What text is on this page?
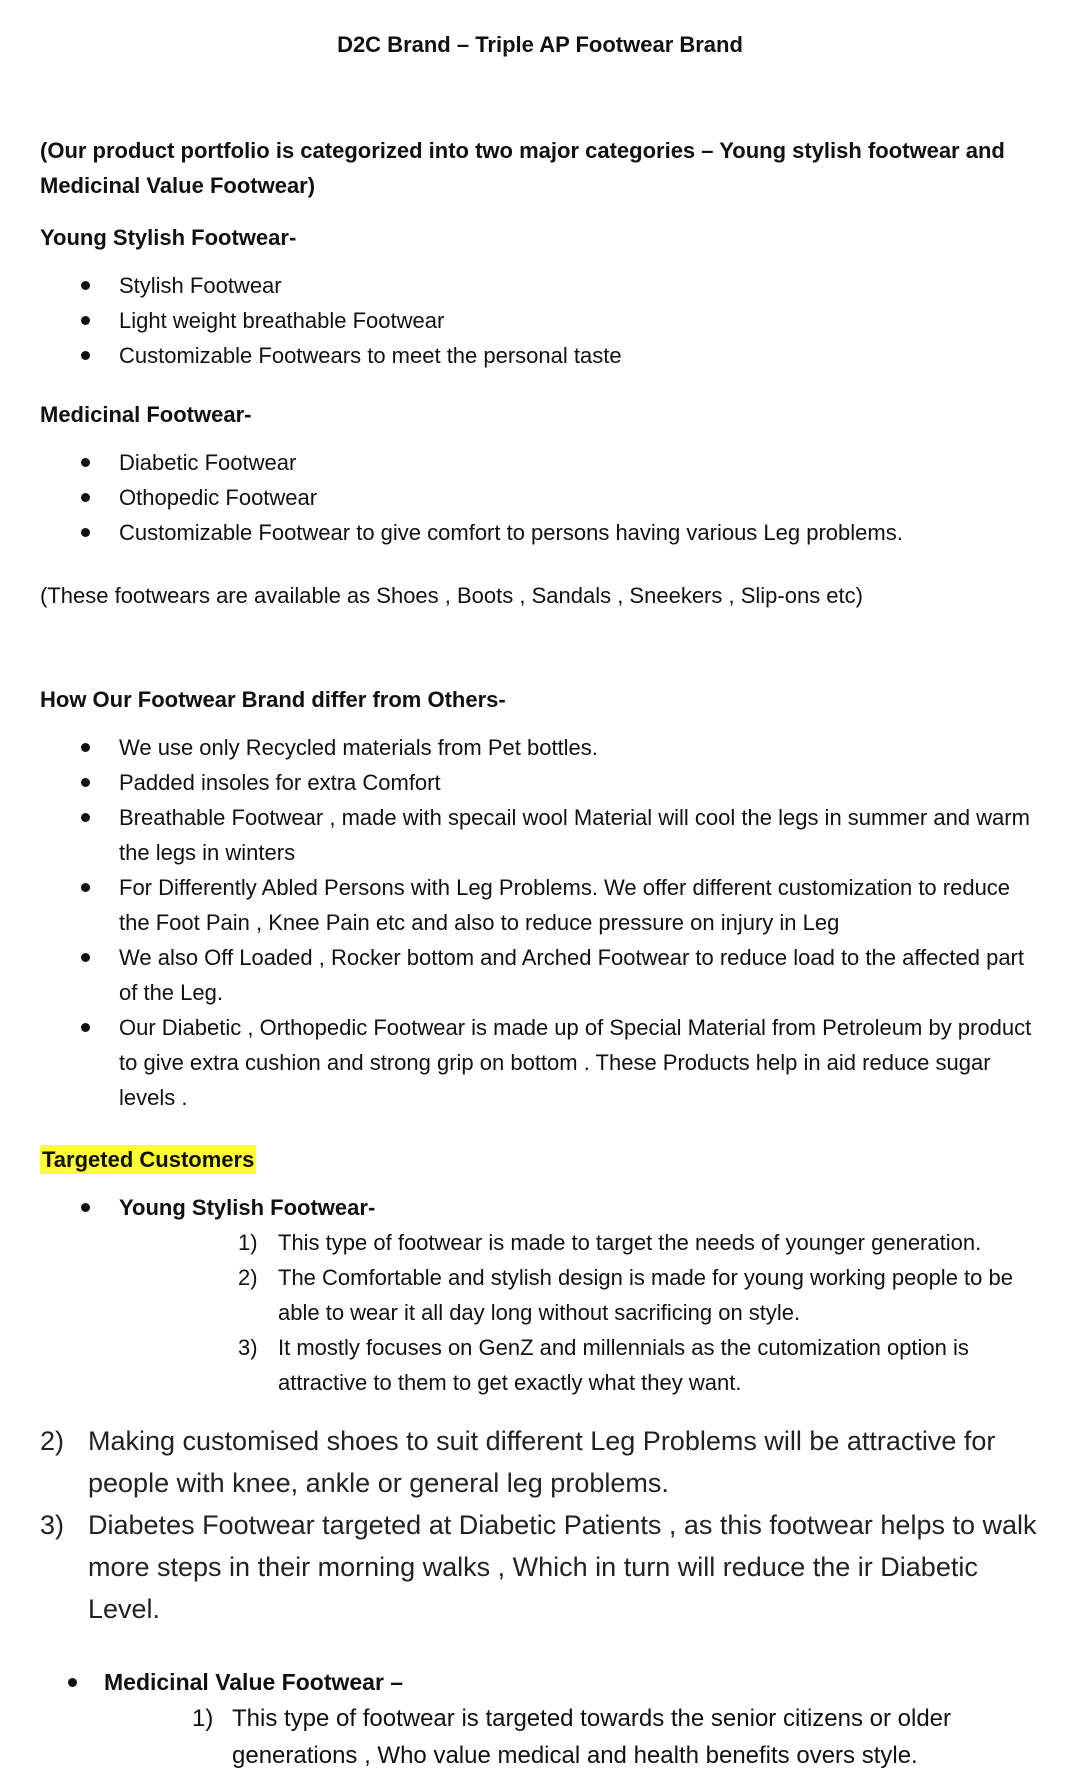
D2C Brand – Triple AP Footwear Brand

(Our product portfolio is categorized into two major categories – Young stylish footwear and Medicinal Value Footwear)

Young Stylish Footwear-
Stylish Footwear
Light weight breathable Footwear
Customizable Footwears to meet the personal taste
Medicinal Footwear-
Diabetic Footwear
Othopedic Footwear
Customizable Footwear to give comfort to persons having various Leg problems.

(These footwears are available as Shoes , Boots , Sandals , Sneekers , Slip-ons etc)

How Our Footwear Brand differ from Others-
We use only Recycled materials from Pet bottles.
Padded insoles for extra Comfort
Breathable Footwear , made with specail wool Material will cool the legs in summer and warm the legs in winters
For Differently Abled Persons with Leg Problems. We offer different customization to reduce the Foot Pain , Knee Pain etc and also to reduce pressure on injury in Leg
We also Off Loaded , Rocker bottom and Arched Footwear to reduce load to the affected part of the Leg.
Our Diabetic , Orthopedic Footwear is made up of Special Material from Petroleum by product to give extra cushion and strong grip on bottom . These Products help in aid reduce sugar levels .
Targeted Customers
Young Stylish Footwear-
1) This type of footwear is made to target the needs of younger generation.
2) The Comfortable and stylish design is made for young working people to be able to wear it all day long without sacrificing on style.
3) It mostly focuses on GenZ and millennials as the cutomization option is attractive to them to get exactly what they want.
2) Making customised shoes to suit different Leg Problems will be attractive for people with knee, ankle or general leg problems.
3) Diabetes Footwear targeted at Diabetic Patients , as this footwear helps to walk more steps in their morning walks , Which in turn will reduce the ir Diabetic Level.
Medicinal Value Footwear –
1) This type of footwear is targeted towards the senior citizens or older generations , Who value medical and health benefits overs style.
